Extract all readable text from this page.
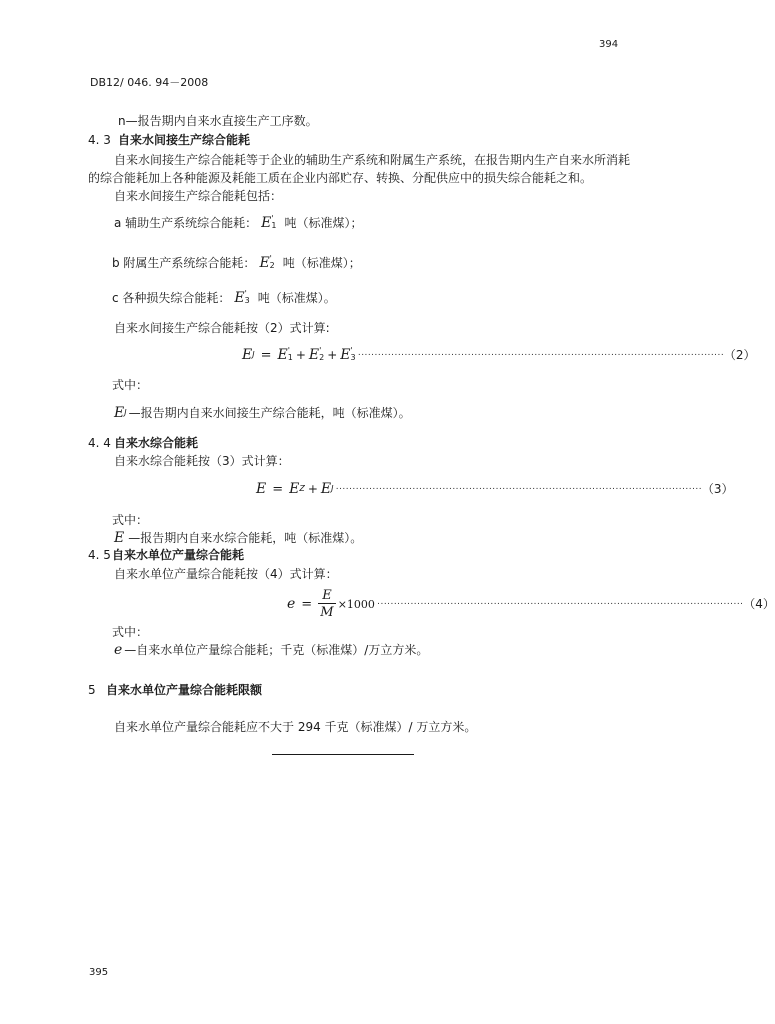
394
DB12/ 046. 94－2008
n—报告期内自来水直接生产工序数。
4. 3 自来水间接生产综合能耗
自来水间接生产综合能耗等于企业的辅助生产系统和附属生产系统，在报告期内生产自来水所消耗
的综合能耗加上各种能源及耗能工质在企业内部贮存、转换、分配供应中的损失综合能耗之和。
自来水间接生产综合能耗包括：
a 辅助生产系统综合能耗： E '
1 吨（标准煤）；
b 附属生产系统综合能耗： E '
2 吨（标准煤）；
c 各种损失综合能耗： E '
3 吨（标准煤）。
自来水间接生产综合能耗按（2）式计算:
E J = E '
1 + E '
2 + E '
3 ·············································································································· （2）
式中：
E J —报告期内自来水间接生产综合能耗，吨（标准煤）。
4. 4 自来水综合能耗
自来水综合能耗按（3）式计算：
E = E Z + E J ·············································································································· （3）
式中：
E —报告期内自来水综合能耗，吨（标准煤）。
4. 5 自来水单位产量综合能耗
自来水单位产量综合能耗按（4）式计算：
$e = \frac{E}{M} \times 1000$ ·············································································································· （4）
式中：
e —自来水单位产量综合能耗；千克（标准煤）/万立方米。
5 自来水单位产量综合能耗限额
自来水单位产量综合能耗应不大于 294 千克（标准煤）/ 万立方米。
395
